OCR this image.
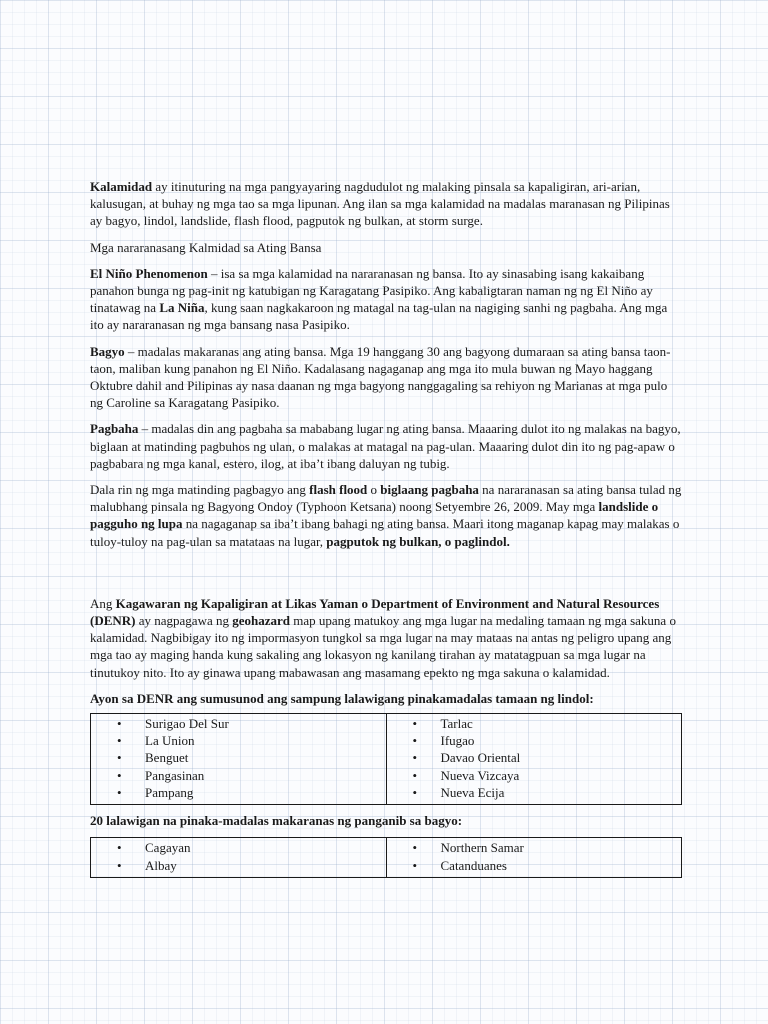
Kalamidad ay itinuturing na mga pangyayaring nagdudulot ng malaking pinsala sa kapaligiran, ari-arian, kalusugan, at buhay ng mga tao sa mga lipunan. Ang ilan sa mga kalamidad na madalas maranasan ng Pilipinas ay bagyo, lindol, landslide, flash flood, pagputok ng bulkan, at storm surge.

Mga nararanasang Kalmidad sa Ating Bansa

El Niño Phenomenon – isa sa mga kalamidad na nararanasan ng bansa. Ito ay sinasabing isang kakaibang panahon bunga ng pag-init ng katubigan ng Karagatang Pasipiko. Ang kabaligtaran naman ng ng El Niño ay tinatawag na La Niña, kung saan nagkakaroon ng matagal na tag-ulan na nagiging sanhi ng pagbaha. Ang mga ito ay nararanasan ng mga bansang nasa Pasipiko.

Bagyo – madalas makaranas ang ating bansa. Mga 19 hanggang 30 ang bagyong dumaraan sa ating bansa taon-taon, maliban kung panahon ng El Niño. Kadalasang nagaganap ang mga ito mula buwan ng Mayo haggang Oktubre dahil and Pilipinas ay nasa daanan ng mga bagyong nanggagaling sa rehiyon ng Marianas at mga pulo ng Caroline sa Karagatang Pasipiko.

Pagbaha – madalas din ang pagbaha sa mababang lugar ng ating bansa. Maaaring dulot ito ng malakas na bagyo, biglaan at matinding pagbuhos ng ulan, o malakas at matagal na pag-ulan. Maaaring dulot din ito ng pag-apaw o pagbabara ng mga kanal, estero, ilog, at iba’t ibang daluyan ng tubig.

Dala rin ng mga matinding pagbagyo ang flash flood o biglaang pagbaha na nararanasan sa ating bansa tulad ng malubhang pinsala ng Bagyong Ondoy (Typhoon Ketsana) noong Setyembre 26, 2009. May mga landslide o pagguho ng lupa na nagaganap sa iba’t ibang bahagi ng ating bansa. Maari itong maganap kapag may malakas o tuloy-tuloy na pag-ulan sa matataas na lugar, pagputok ng bulkan, o paglindol.

Ang Kagawaran ng Kapaligiran at Likas Yaman o Department of Environment and Natural Resources (DENR) ay nagpagawa ng geohazard map upang matukoy ang mga lugar na medaling tamaan ng mga sakuna o kalamidad. Nagbibigay ito ng impormasyon tungkol sa mga lugar na may mataas na antas ng peligro upang ang mga tao ay maging handa kung sakaling ang lokasyon ng kanilang tirahan ay matatagpuan sa mga lugar na tinutukoy nito. Ito ay ginawa upang mabawasan ang masamang epekto ng mga sakuna o kalamidad.

Ayon sa DENR ang sumusunod ang sampung lalawigang pinakamadalas tamaan ng lindol:

• Surigao Del Sur
• La Union
• Benguet
• Pangasinan
• Pampang

• Tarlac
• Ifugao
• Davao Oriental
• Nueva Vizcaya
• Nueva Ecija

20 lalawigan na pinaka-madalas makaranas ng panganib sa bagyo:

• Cagayan
• Albay

• Northern Samar
• Catanduanes
